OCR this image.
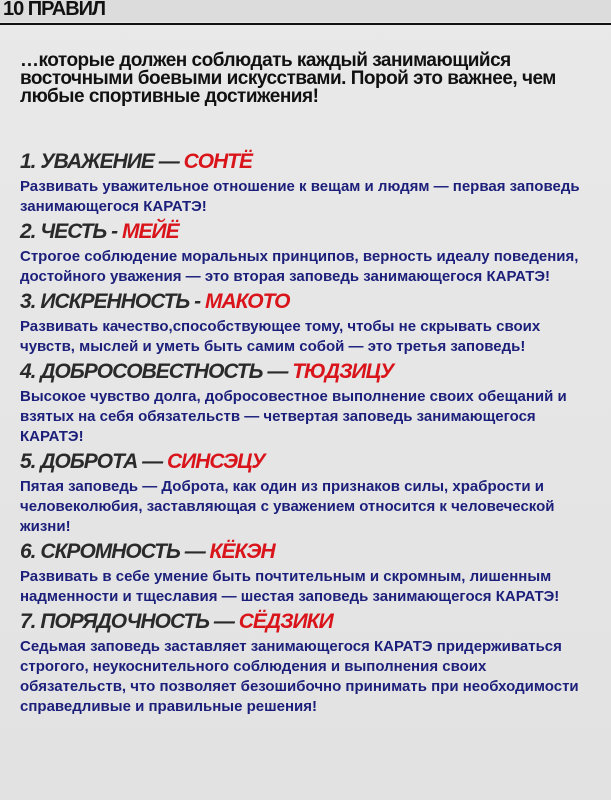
10 ПРАВИЛ
…которые должен соблюдать каждый занимающийся восточными боевыми искусствами. Порой это важнее, чем любые спортивные достижения!
1. УВАЖЕНИЕ — СОНТЁ
Развивать уважительное отношение к вещам и людям — первая заповедь занимающегося КАРАТЭ!
2. ЧЕСТЬ - МЕЙЁ
Строгое соблюдение моральных принципов, верность идеалу поведения, достойного уважения — это вторая заповедь занимающегося КАРАТЭ!
3. ИСКРЕННОСТЬ - МАКОТО
Развивать качество,способствующее тому, чтобы не скрывать своих чувств, мыслей и уметь быть самим собой — это третья заповедь!
4. ДОБРОСОВЕСТНОСТЬ — ТЮДЗИЦУ
Высокое чувство долга, добросовестное выполнение своих обещаний и взятых на себя обязательств — четвертая заповедь занимающегося КАРАТЭ!
5. ДОБРОТА — СИНСЭЦУ
Пятая заповедь — Доброта, как один из признаков силы, храбрости и человеколюбия, заставляющая с уважением относится к человеческой жизни!
6. СКРОМНОСТЬ — КЁКЭН
Развивать в себе умение быть почтительным и скромным, лишенным надменности и тщеславия — шестая заповедь занимающегося КАРАТЭ!
7. ПОРЯДОЧНОСТЬ — СЁДЗИКИ
Седьмая заповедь заставляет занимающегося КАРАТЭ придерживаться строгого, неукоснительного соблюдения и выполнения своих обязательств, что позволяет безошибочно принимать при необходимости справедливые и правильные решения!
